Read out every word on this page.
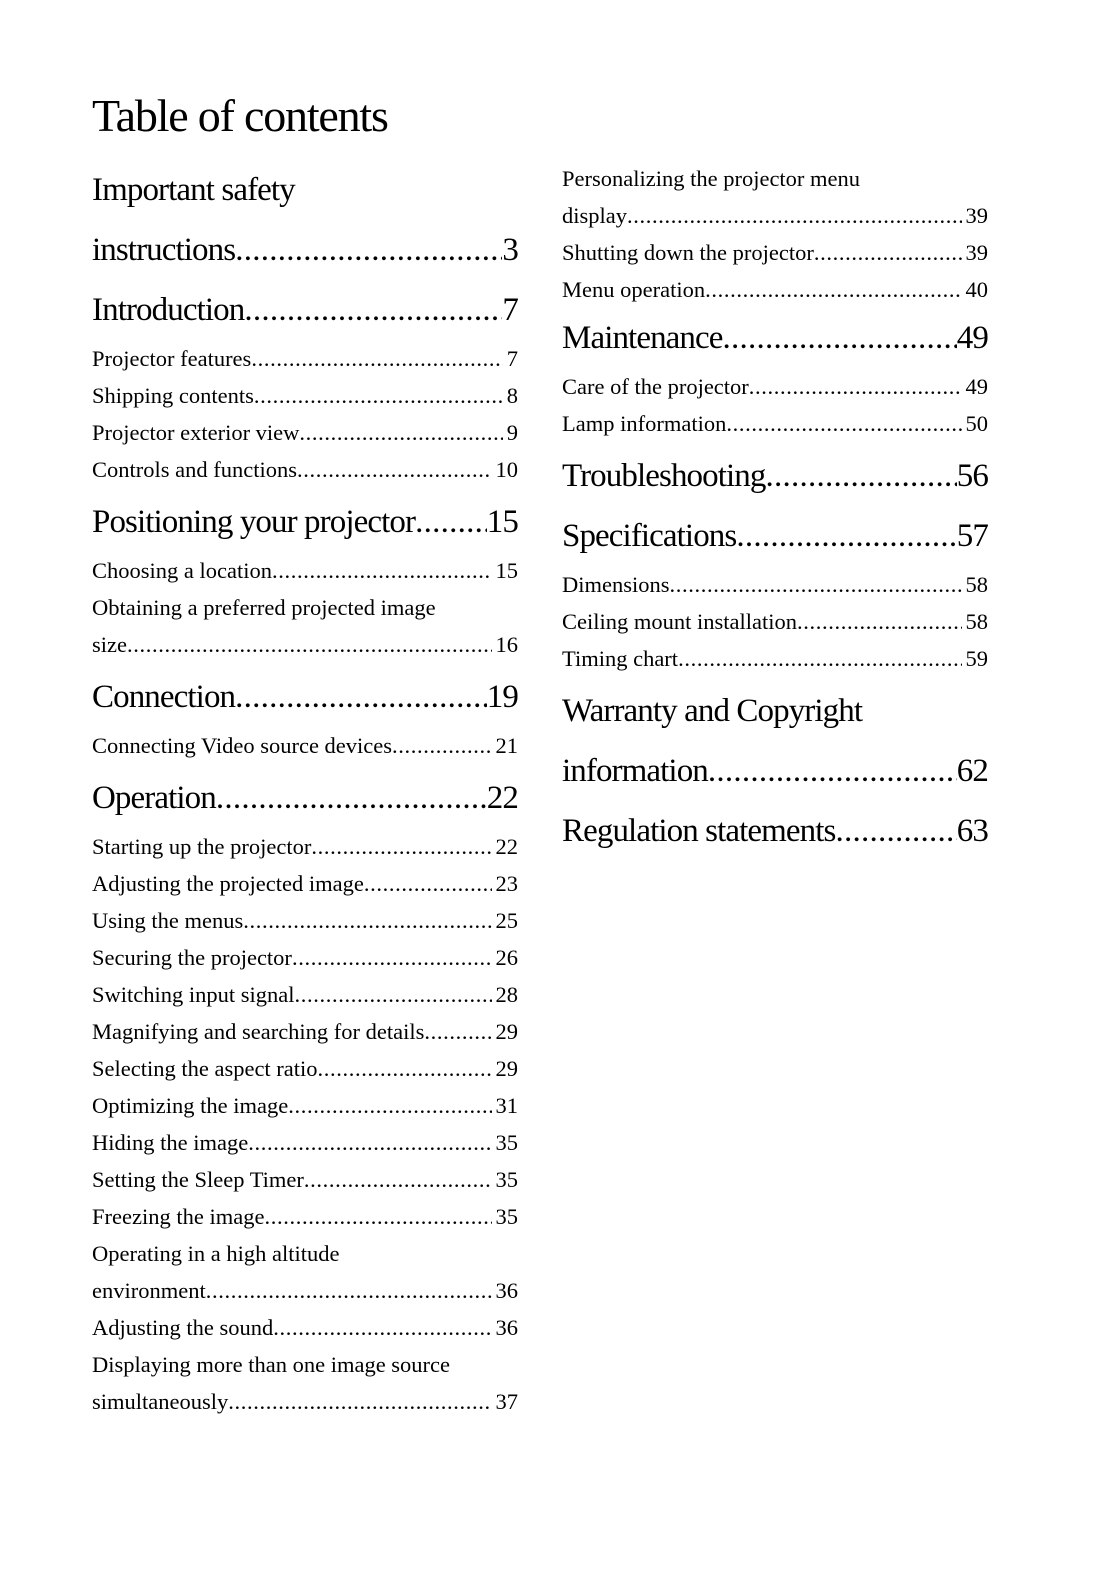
Table of contents
Important safety
instructions . . .	3
Introduction . . .	7
Projector features . . .	7
Shipping contents . . .	8
Projector exterior view . . .	9
Controls and functions . . .	10
Positioning your projector . . . 15
Choosing a location . . .	15
Obtaining a preferred projected image
size . . .	16
Connection . . .	19
Connecting Video source devices . . .	21
Operation . . .	22
Starting up the projector . . .	22
Adjusting the projected image . . .	23
Using the menus . . .	25
Securing the projector . . .	26
Switching input signal . . .	28
Magnifying and searching for details . . .	29
Selecting the aspect ratio . . .	29
Optimizing the image . . .	31
Hiding the image . . .	35
Setting the Sleep Timer . . .	35
Freezing the image . . .	35
Operating in a high altitude
environment . . .	36
Adjusting the sound . . .	36
Displaying more than one image source
simultaneously . . .	37
Personalizing the projector menu
display . . .	39
Shutting down the projector . . .	39
Menu operation . . .	40
Maintenance . . .	49
Care of the projector . . .	49
Lamp information . . .	50
Troubleshooting . . .	56
Specifications . . .	57
Dimensions . . .	58
Ceiling mount installation . . .	58
Timing chart . . .	59
Warranty and Copyright
information . . .	62
Regulation statements . . .	63
